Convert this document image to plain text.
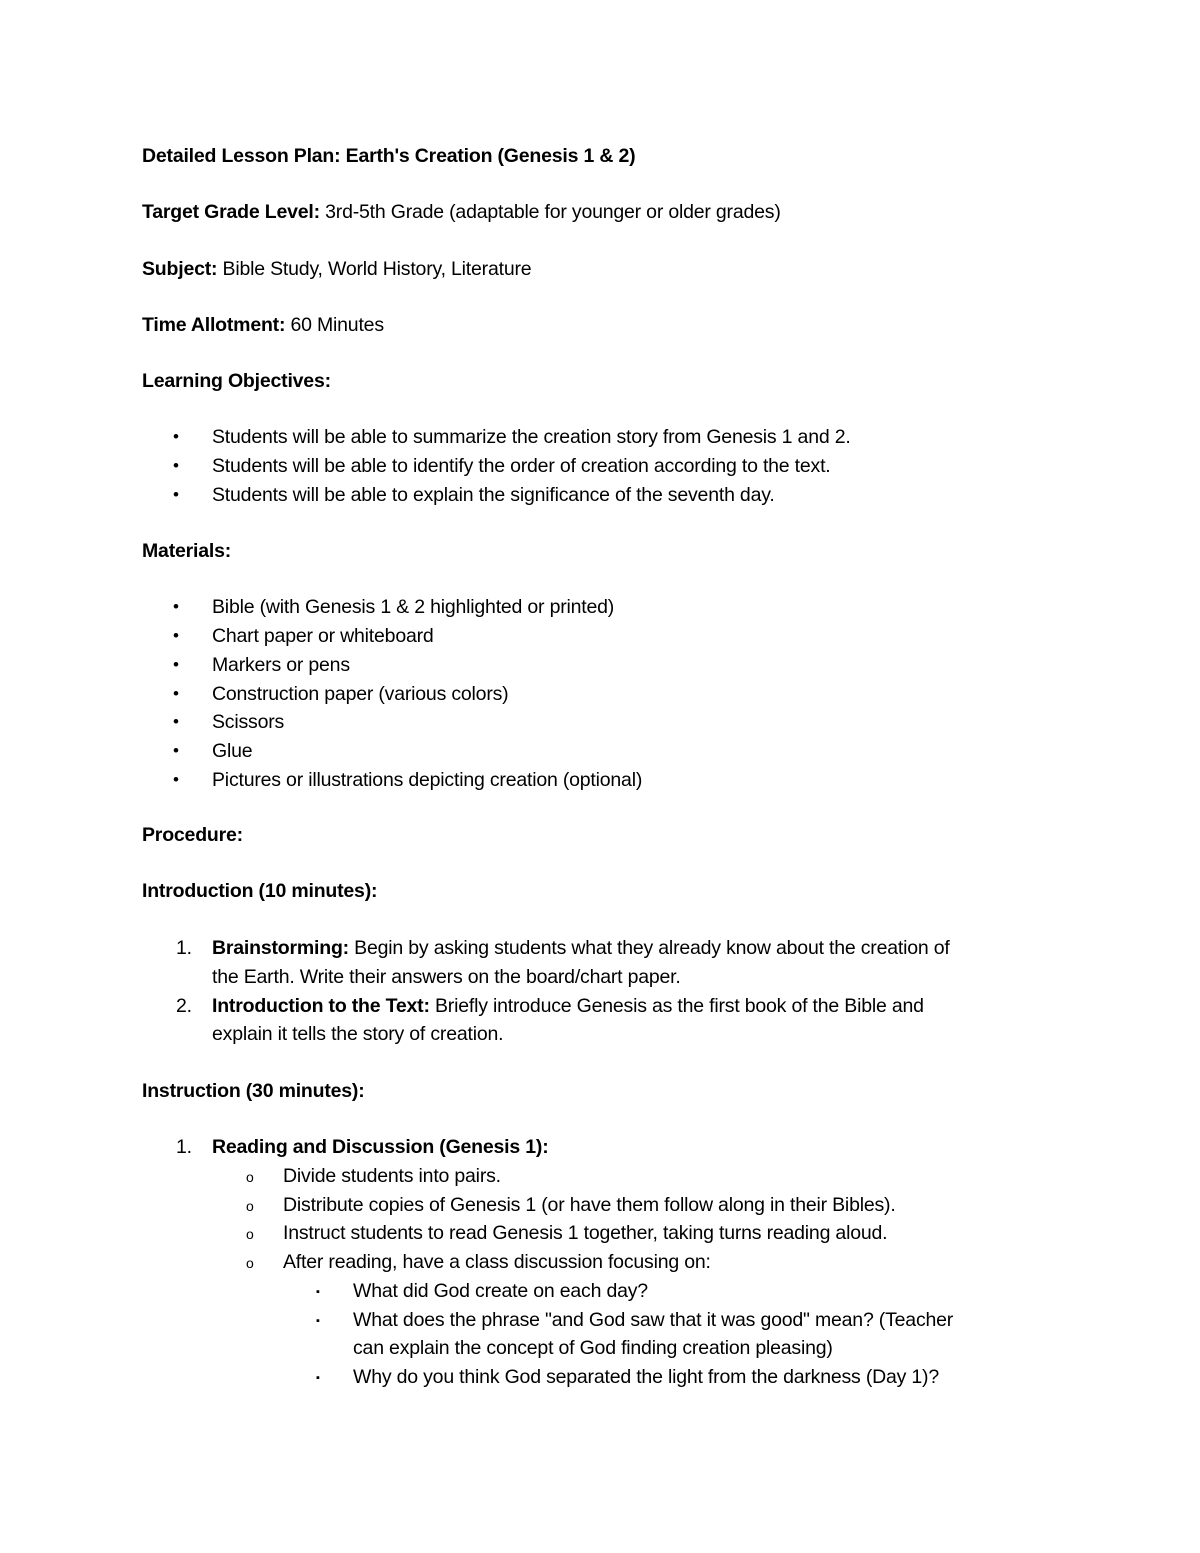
Detailed Lesson Plan: Earth's Creation (Genesis 1 & 2)
Target Grade Level: 3rd-5th Grade (adaptable for younger or older grades)
Subject: Bible Study, World History, Literature
Time Allotment: 60 Minutes
Learning Objectives:
• Students will be able to summarize the creation story from Genesis 1 and 2.
• Students will be able to identify the order of creation according to the text.
• Students will be able to explain the significance of the seventh day.
Materials:
• Bible (with Genesis 1 & 2 highlighted or printed)
• Chart paper or whiteboard
• Markers or pens
• Construction paper (various colors)
• Scissors
• Glue
• Pictures or illustrations depicting creation (optional)
Procedure:
Introduction (10 minutes):
1. Brainstorming: Begin by asking students what they already know about the creation of
the Earth. Write their answers on the board/chart paper.
2. Introduction to the Text: Briefly introduce Genesis as the first book of the Bible and
explain it tells the story of creation.
Instruction (30 minutes):
1. Reading and Discussion (Genesis 1):
o Divide students into pairs.
o Distribute copies of Genesis 1 (or have them follow along in their Bibles).
o Instruct students to read Genesis 1 together, taking turns reading aloud.
o After reading, have a class discussion focusing on:
▪ What did God create on each day?
▪ What does the phrase "and God saw that it was good" mean? (Teacher
can explain the concept of God finding creation pleasing)
▪ Why do you think God separated the light from the darkness (Day 1)?
